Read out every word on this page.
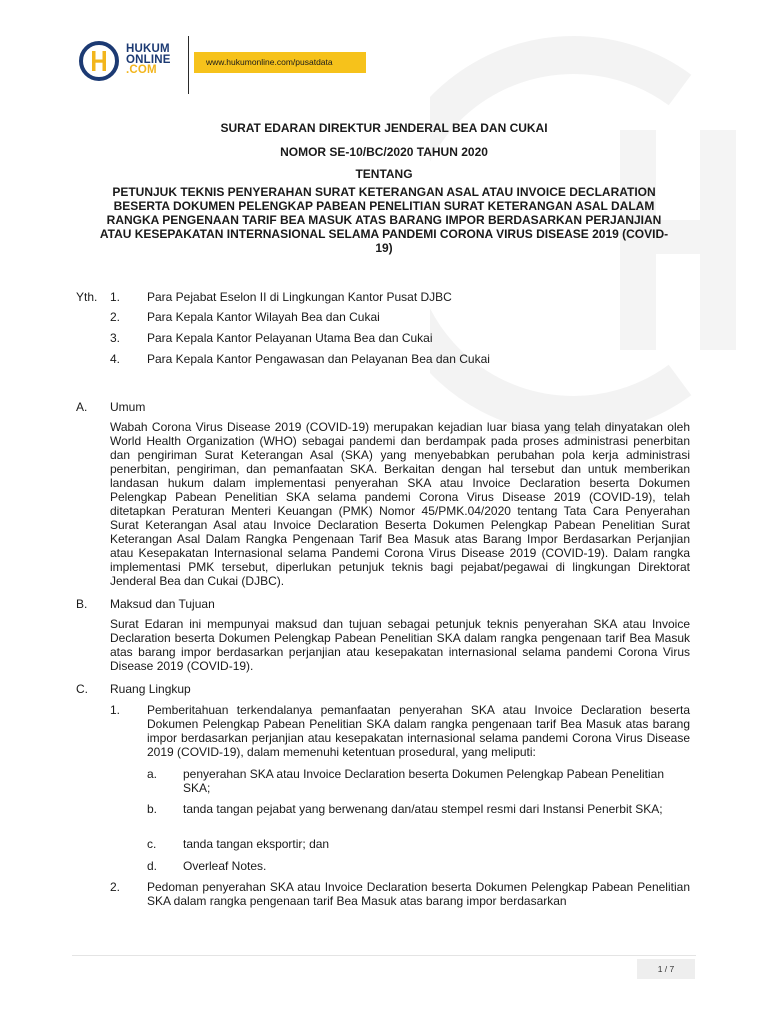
HUKUM
ONLINE
.COM
www.hukumonline.com/pusatdata
SURAT EDARAN DIREKTUR JENDERAL BEA DAN CUKAI
NOMOR SE-10/BC/2020 TAHUN 2020
TENTANG
PETUNJUK TEKNIS PENYERAHAN SURAT KETERANGAN ASAL ATAU INVOICE DECLARATION
BESERTA DOKUMEN PELENGKAP PABEAN PENELITIAN SURAT KETERANGAN ASAL DALAM
RANGKA PENGENAAN TARIF BEA MASUK ATAS BARANG IMPOR BERDASARKAN PERJANJIAN
ATAU KESEPAKATAN INTERNASIONAL SELAMA PANDEMI CORONA VIRUS DISEASE 2019 (COVID-
19)
Yth. 1. Para Pejabat Eselon II di Lingkungan Kantor Pusat DJBC
2. Para Kepala Kantor Wilayah Bea dan Cukai
3. Para Kepala Kantor Pelayanan Utama Bea dan Cukai
4. Para Kepala Kantor Pengawasan dan Pelayanan Bea dan Cukai
A. Umum
Wabah Corona Virus Disease 2019 (COVID-19) merupakan kejadian luar biasa yang telah dinyatakan oleh World Health Organization (WHO) sebagai pandemi dan berdampak pada proses administrasi penerbitan dan pengiriman Surat Keterangan Asal (SKA) yang menyebabkan perubahan pola kerja administrasi penerbitan, pengiriman, dan pemanfaatan SKA. Berkaitan dengan hal tersebut dan untuk memberikan landasan hukum dalam implementasi penyerahan SKA atau Invoice Declaration beserta Dokumen Pelengkap Pabean Penelitian SKA selama pandemi Corona Virus Disease 2019 (COVID-19), telah ditetapkan Peraturan Menteri Keuangan (PMK) Nomor 45/PMK.04/2020 tentang Tata Cara Penyerahan Surat Keterangan Asal atau Invoice Declaration Beserta Dokumen Pelengkap Pabean Penelitian Surat Keterangan Asal Dalam Rangka Pengenaan Tarif Bea Masuk atas Barang Impor Berdasarkan Perjanjian atau Kesepakatan Internasional selama Pandemi Corona Virus Disease 2019 (COVID-19). Dalam rangka implementasi PMK tersebut, diperlukan petunjuk teknis bagi pejabat/pegawai di lingkungan Direktorat Jenderal Bea dan Cukai (DJBC).
B. Maksud dan Tujuan
Surat Edaran ini mempunyai maksud dan tujuan sebagai petunjuk teknis penyerahan SKA atau Invoice Declaration beserta Dokumen Pelengkap Pabean Penelitian SKA dalam rangka pengenaan tarif Bea Masuk atas barang impor berdasarkan perjanjian atau kesepakatan internasional selama pandemi Corona Virus Disease 2019 (COVID-19).
C. Ruang Lingkup
1. Pemberitahuan terkendalanya pemanfaatan penyerahan SKA atau Invoice Declaration beserta Dokumen Pelengkap Pabean Penelitian SKA dalam rangka pengenaan tarif Bea Masuk atas barang impor berdasarkan perjanjian atau kesepakatan internasional selama pandemi Corona Virus Disease 2019 (COVID-19), dalam memenuhi ketentuan prosedural, yang meliputi:
a. penyerahan SKA atau Invoice Declaration beserta Dokumen Pelengkap Pabean Penelitian SKA;
b. tanda tangan pejabat yang berwenang dan/atau stempel resmi dari Instansi Penerbit SKA;
c. tanda tangan eksportir; dan
d. Overleaf Notes.
2. Pedoman penyerahan SKA atau Invoice Declaration beserta Dokumen Pelengkap Pabean Penelitian SKA dalam rangka pengenaan tarif Bea Masuk atas barang impor berdasarkan
1 / 7
